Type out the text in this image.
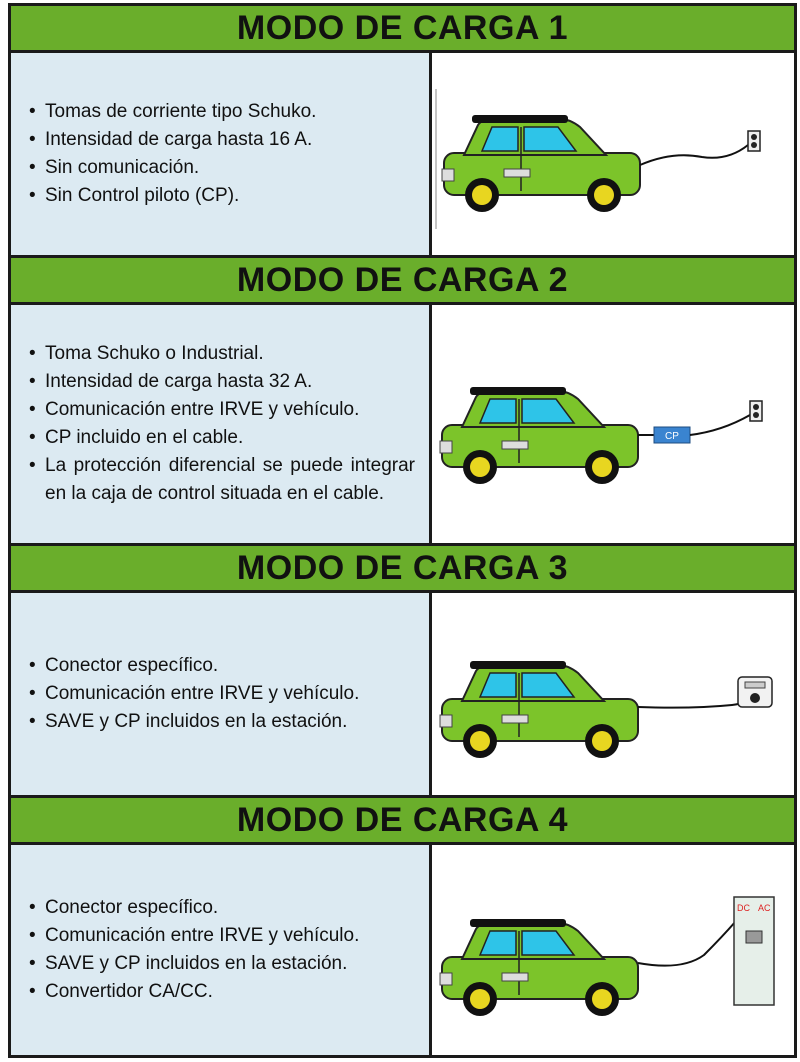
MODO DE CARGA 1
• Tomas de corriente tipo Schuko.
• Intensidad de carga hasta 16 A.
• Sin comunicación.
• Sin Control piloto (CP).
MODO DE CARGA 2
• Toma Schuko o Industrial.
• Intensidad de carga hasta 32 A.
• Comunicación entre IRVE y vehículo.
• CP incluido en el cable.
• La protección diferencial se puede integrar en la caja de control situada en el cable.
CP
MODO DE CARGA 3
• Conector específico.
• Comunicación entre IRVE y vehículo.
• SAVE y CP incluidos en la estación.
MODO DE CARGA 4
• Conector específico.
• Comunicación entre IRVE y vehículo.
• SAVE y CP incluidos en la estación.
• Convertidor CA/CC.
DC AC
